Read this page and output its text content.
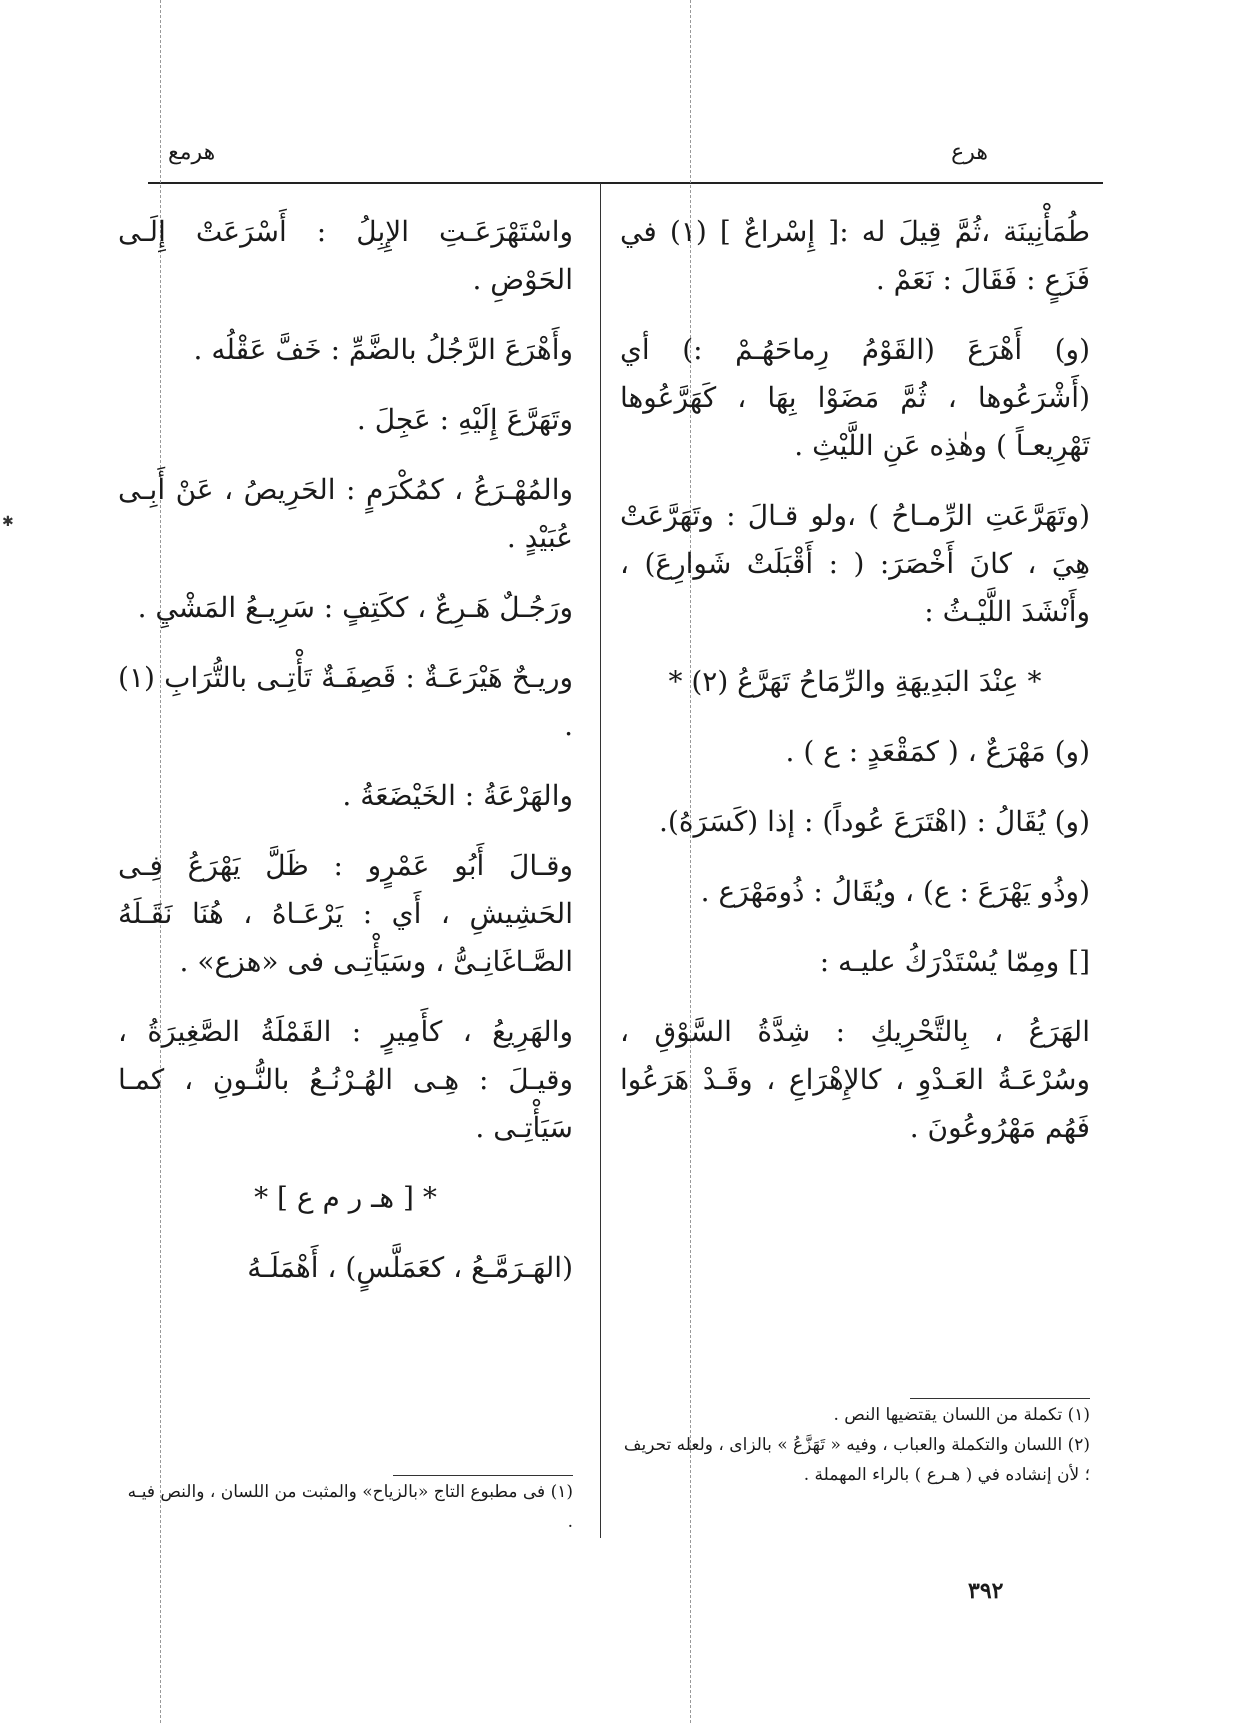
هرع
هرمع
✱

طُمَأْنِينَة ،ثُمَّ قِيلَ له :[ إِسْراعٌ ] (١) في فَزَعٍ : فَقَالَ : نَعَمْ .

(و) أَهْرَعَ (القَوْمُ رِماحَهُـمْ :) أي (أَشْرَعُوها ، ثُمَّ مَضَوْا بِهَا ، كَهَرَّعُوها تَهْرِيعـاً ) وهٰذِه عَنِ اللَّيْثِ .

(وتَهَرَّعَتِ الرِّمـاحُ ) ،ولو قـالَ : وتَهَرَّعَتْ هِيَ ، كانَ أَخْصَرَ: ( : أَقْبَلَتْ شَوارِعَ) ، وأَنْشَدَ اللَّيْـثُ :

* عِنْدَ البَدِيهَةِ والرِّمَاحُ تَهَرَّعُ (٢) *

(و) مَهْرَعٌ ، ( كمَقْعَدٍ : ع ) .

(و) يُقَالُ : (اهْتَرَعَ عُوداً) : إذا (كَسَرَهُ).

(وذُو يَهْرَعَ : ع) ، ويُقَالُ : ذُومَهْرَع .

[] ومِمّا يُسْتَدْرَكُ عليـه :

الهَرَعُ ، بِالتَّحْرِيكِ : شِدَّةُ السَّوْقِ ، وسُرْعَـةُ العَـدْوِ ، كالإِهْرَاعِ ، وقَـدْ هَرَعُوا فَهُم مَهْرُوعُونَ .

واسْتَهْرَعَـتِ الإِبِلُ : أَسْرَعَتْ إِلَـى الحَوْضِ .

وأَهْرَعَ الرَّجُلُ بالضَّمِّ : خَفَّ عَقْلُه .

وتَهَرَّعَ إِلَيْهِ : عَجِلَ .

والمُهْـرَعُ ، كمُكْرَمٍ : الحَرِيصُ ، عَنْ أَبِـى عُبَيْدٍ .

ورَجُـلٌ هَـرِعٌ ، ككَتِفٍ : سَرِيـعُ المَشْيِ .

وريـحٌ هَيْرَعَـةٌ : قَصِفَـةٌ تَأْتِـى بالتُّرَابِ (١) .

والهَرْعَةُ : الخَيْضَعَةُ .

وقـالَ أَبُو عَمْرٍو : ظَلَّ يَهْرَعُ فِـى الحَشِيشِ ، أَي : يَرْعَـاهُ ، هُنَا نَقَـلَهُ الصَّـاغَانِـىُّ ، وسَيَأْتِـى فى «هزع» .

والهَرِيعُ ، كأَمِيرٍ : القَمْلَةُ الصَّغِيرَةُ ، وقيـلَ : هِـى الهُـرْنُـعُ بالنُّـونِ ، كمـا سَيَأْتِـى .

* [ هـ ر م ع ] *

(الهَـرَمَّـعُ ، كعَمَلَّسٍ) ، أَهْمَلَـهُ

(١) تكملة من اللسان يقتضيها النص .

(٢) اللسان والتكملة والعباب ، وفيه « تَهَزَّعُ » بالزاى ، ولعله تحريف ؛ لأن إنشاده في ( هـرع ) بالراء المهملة .

(١) فى مطبوع التاج «بالزياح» والمثبت من اللسان ، والنص فيـه .

٣٩٢
